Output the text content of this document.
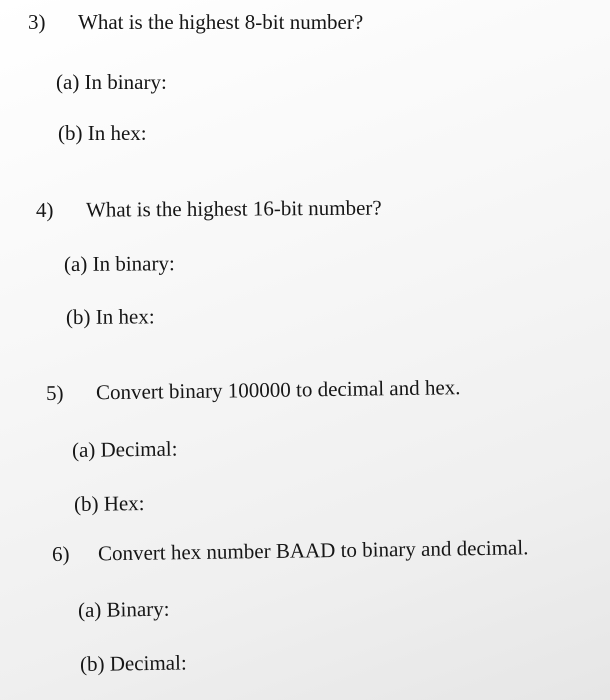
3) What is the highest 8-bit number?
(a) In binary:
(b) In hex:
4) What is the highest 16-bit number?
(a) In binary:
(b) In hex:
5) Convert binary 100000 to decimal and hex.
(a) Decimal:
(b) Hex:
6) Convert hex number BAAD to binary and decimal.
(a) Binary:
(b) Decimal:
